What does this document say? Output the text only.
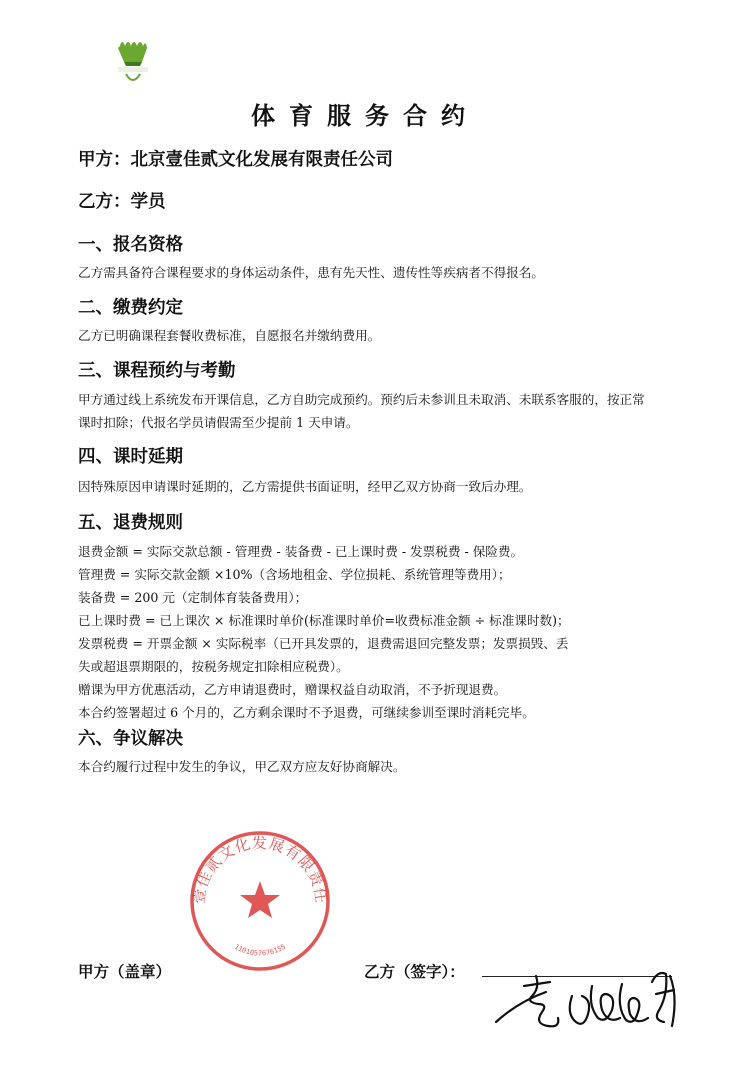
体育服务合约
甲方：北京壹佳贰文化发展有限责任公司
乙方：学员
一、报名资格
乙方需具备符合课程要求的身体运动条件，患有先天性、遗传性等疾病者不得报名。
二、缴费约定
乙方已明确课程套餐收费标准，自愿报名并缴纳费用。
三、课程预约与考勤
甲方通过线上系统发布开课信息，乙方自助完成预约。预约后未参训且未取消、未联系客服的，按正常课时扣除；代报名学员请假需至少提前 1 天申请。
四、课时延期
因特殊原因申请课时延期的，乙方需提供书面证明，经甲乙双方协商一致后办理。
五、退费规则
退费金额 = 实际交款总额 - 管理费 - 装备费 - 已上课时费 - 发票税费 - 保险费。
管理费 = 实际交款金额 ×10%（含场地租金、学位损耗、系统管理等费用）；
装备费 = 200 元（定制体育装备费用）；
已上课时费 = 已上课次 × 标准课时单价(标准课时单价=收费标准金额 ÷ 标准课时数)；
发票税费 = 开票金额 × 实际税率（已开具发票的，退费需退回完整发票；发票损毁、丢
失或超退票期限的，按税务规定扣除相应税费）。
赠课为甲方优惠活动，乙方申请退费时，赠课权益自动取消，不予折现退费。
本合约签署超过 6 个月的，乙方剩余课时不予退费，可继续参训至课时消耗完毕。
六、争议解决
本合约履行过程中发生的争议，甲乙双方应友好协商解决。
壹佳贰文化发展有限责任
1101057676155
甲方（盖章）	乙方（签字）：
